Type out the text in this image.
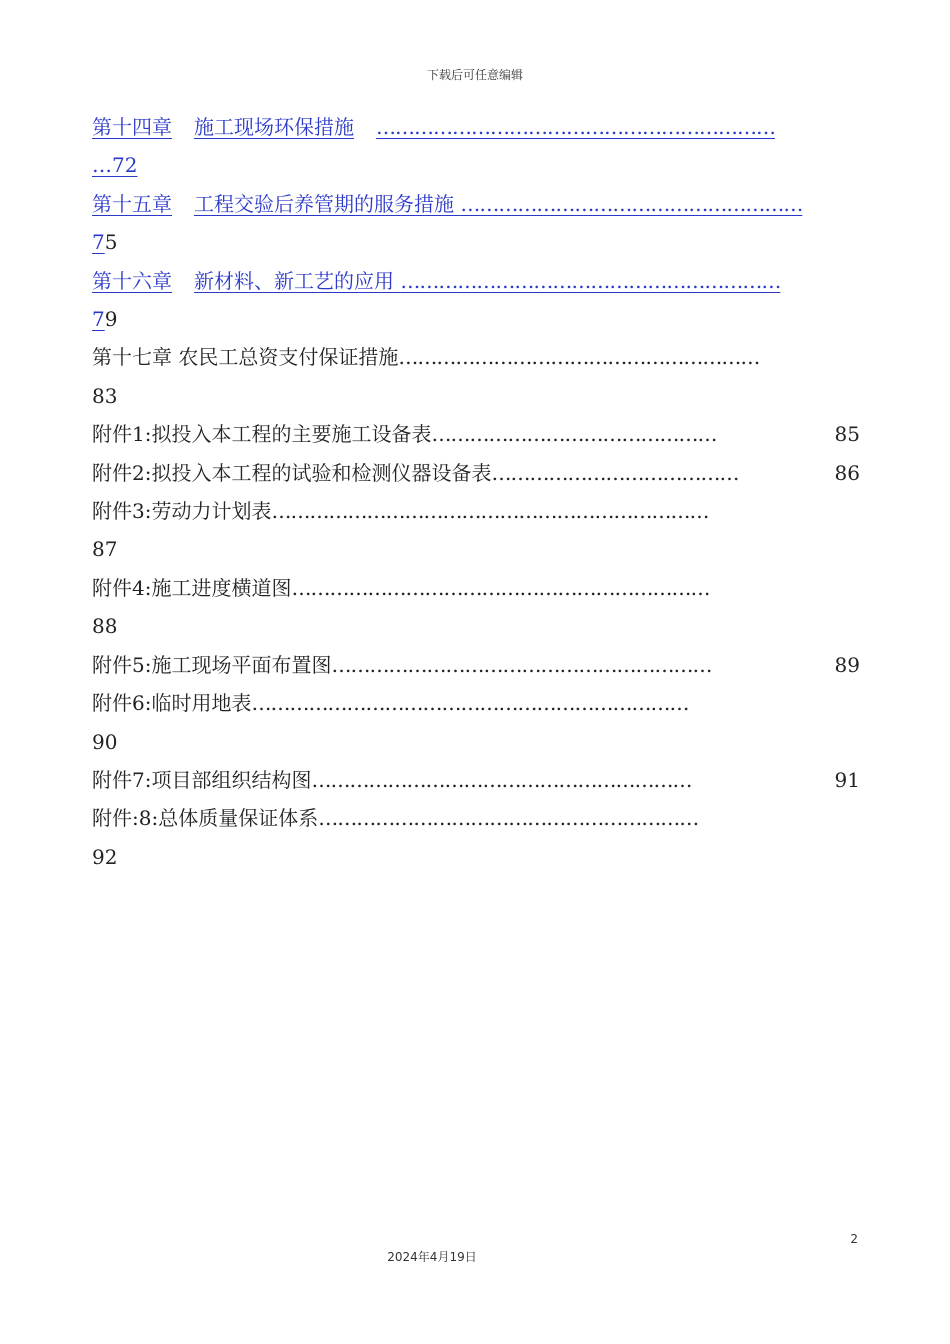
下载后可任意编辑
第十四章 施工现场环保措施 ………………………………………………………
…72
第十五章 工程交验后养管期的服务措施 ………………………………………………
75
第十六章 新材料、新工艺的应用 ……………………………………………………
79
第十七章 农民工总资支付保证措施…………………………………………………
83
附件1:拟投入本工程的主要施工设备表………………………………………	85
附件2:拟投入本工程的试验和检测仪器设备表…………………………………	86
附件3:劳动力计划表……………………………………………………………
87
附件4:施工进度横道图…………………………………………………………
88
附件5:施工现场平面布置图……………………………………………………	89
附件6:临时用地表……………………………………………………………
90
附件7:项目部组织结构图……………………………………………………	91
附件:8:总体质量保证体系……………………………………………………
92
2
2024年4月19日
